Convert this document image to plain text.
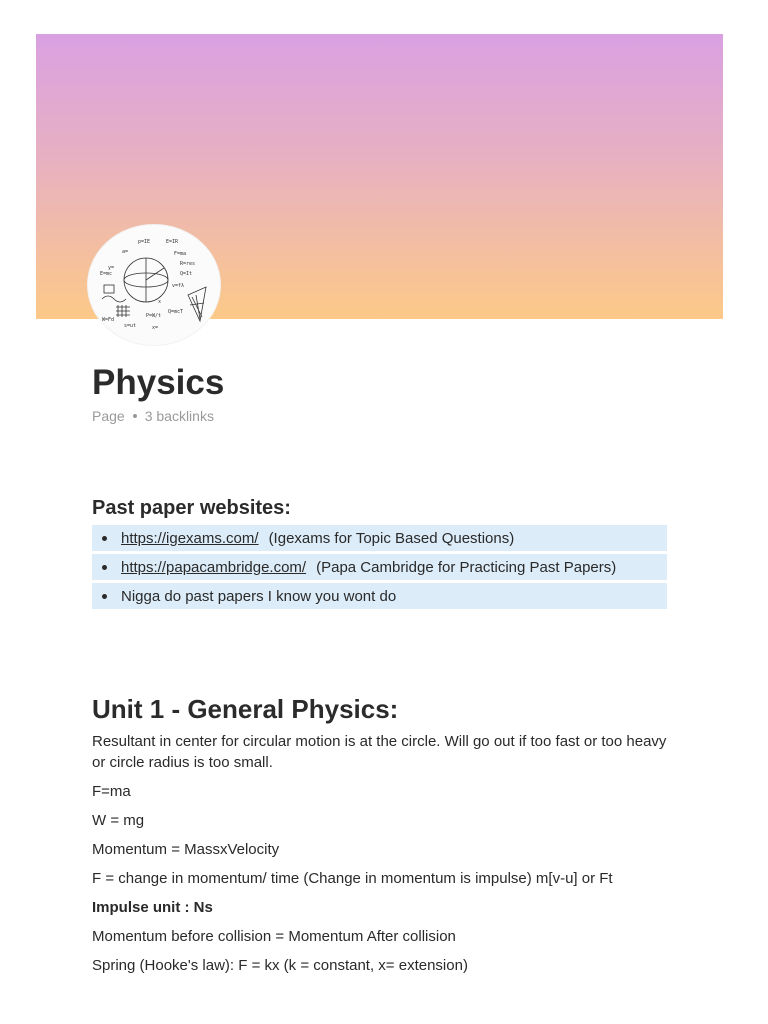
p=IE	E=IR
a=	F=ma
R=res
Q=It
E=mc
y=
v=fλ
P=W/t
s=ut	x=
W=Fd
Q=mcT
x
Physics
Page 3 backlinks
Past paper websites:
https://igexams.com/ (Igexams for Topic Based Questions)
https://papacambridge.com/ (Papa Cambridge for Practicing Past Papers)
Nigga do past papers I know you wont do
Unit 1 - General Physics:

Resultant in center for circular motion is at the circle. Will go out if too fast or too heavy or circle radius is too small.

F=ma

W = mg

Momentum = MassxVelocity

F = change in momentum/ time (Change in momentum is impulse) m[v-u] or Ft

Impulse unit : Ns

Momentum before collision = Momentum After collision

Spring (Hooke's law): F = kx (k = constant, x= extension)
